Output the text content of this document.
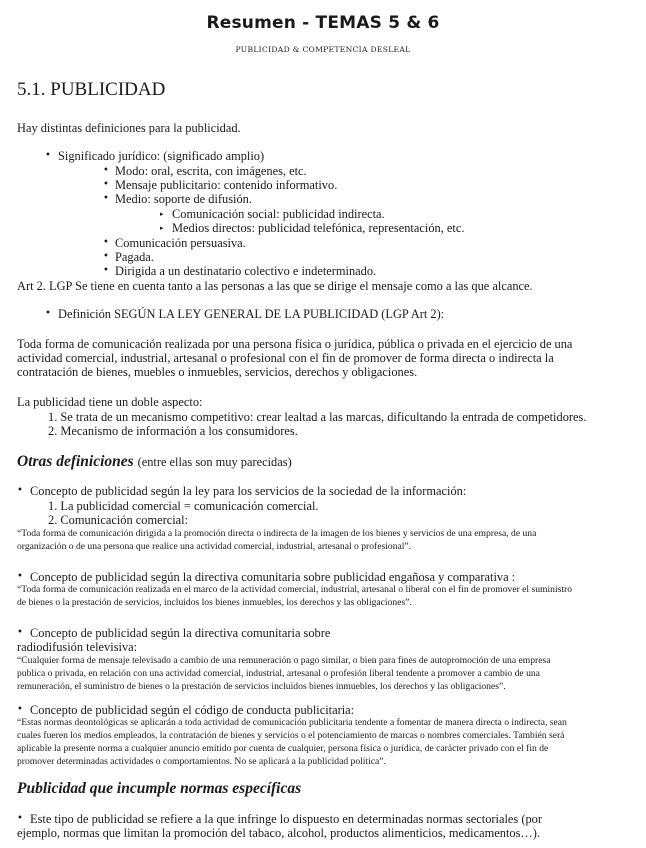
Resumen - TEMAS 5 & 6
PUBLICIDAD & COMPETENCIA DESLEAL
5.1. PUBLICIDAD
Hay distintas definiciones para la publicidad.
• Significado jurídico: (significado amplio)
• Modo: oral, escrita, con imágenes, etc.
• Mensaje publicitario: contenido informativo.
• Medio: soporte de difusión.
▸ Comunicación social: publicidad indirecta.
▸ Medios directos: publicidad telefónica, representación, etc.
• Comunicación persuasiva.
• Pagada.
• Dirigida a un destinatario colectivo e indeterminado.
Art 2. LGP Se tiene en cuenta tanto a las personas a las que se dirige el mensaje como a las que alcance.
• Definición SEGÚN LA LEY GENERAL DE LA PUBLICIDAD (LGP Art 2):
Toda forma de comunicación realizada por una persona física o jurídica, pública o privada en el ejercicio de una
actividad comercial, industrial, artesanal o profesional con el fin de promover de forma directa o indirecta la
contratación de bienes, muebles o inmuebles, servicios, derechos y obligaciones.
La publicidad tiene un doble aspecto:
1. Se trata de un mecanismo competitivo: crear lealtad a las marcas, dificultando la entrada de competidores.
2. Mecanismo de información a los consumidores.
Otras definiciones (entre ellas son muy parecidas)
• Concepto de publicidad según la ley para los servicios de la sociedad de la información:
1. La publicidad comercial = comunicación comercial.
2. Comunicación comercial:
“Toda forma de comunicación dirigida a la promoción directa o indirecta de la imagen de los bienes y servicios de una empresa, de una
organización o de una persona que realice una actividad comercial, industrial, artesanal o profesional”.
• Concepto de publicidad según la directiva comunitaria sobre publicidad engañosa y comparativa :
“Toda forma de comunicación realizada en el marco de la actividad comercial, industrial, artesanal o liberal con el fin de promover el suministro
de bienes o la prestación de servicios, incluidos los bienes inmuebles, los derechos y las obligaciones”.
• Concepto de publicidad según la directiva comunitaria sobre
radiodifusión televisiva:
“Cualquier forma de mensaje televisado a cambio de una remuneración o pago similar, o bien para fines de autopromoción de una empresa
publica o privada, en relación con una actividad comercial, industrial, artesanal o profesión liberal tendente a promover a cambio de una
remuneración, el suministro de bienes o la prestación de servicios incluidos bienes inmuebles, los derechos y las obligaciones”.
• Concepto de publicidad según el código de conducta publicitaria:
“Estas normas deontológicas se aplicarán a toda actividad de comunicación publicitaria tendente a fomentar de manera directa o indirecta, sean
cuales fueren los medios empleados, la contratación de bienes y servicios o el potenciamiento de marcas o nombres comerciales. También será
aplicable la presente norma a cualquier anuncio emitido por cuenta de cualquier, persona física o jurídica, de carácter privado con el fin de
promover determinadas actividades o comportamientos. No se aplicará a la publicidad política”.
Publicidad que incumple normas específicas
• Este tipo de publicidad se refiere a la que infringe lo dispuesto en determinadas normas sectoriales (por
ejemplo, normas que limitan la promoción del tabaco, alcohol, productos alimenticios, medicamentos…).
